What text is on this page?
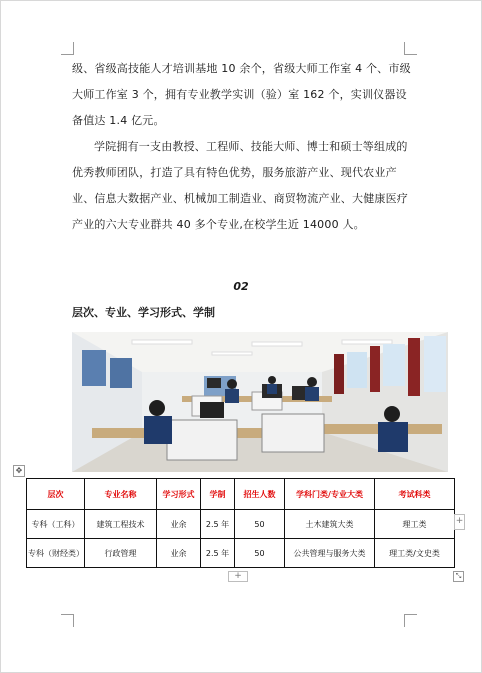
级、省级高技能人才培训基地 10 余个，省级大师工作室 4 个、市级大师工作室 3 个，拥有专业教学实训（验）室 162 个，实训仪器设备值达 1.4 亿元。

学院拥有一支由教授、工程师、技能大师、博士和硕士等组成的优秀教师团队，打造了具有特色优势，服务旅游产业、现代农业产业、信息大数据产业、机械加工制造业、商贸物流产业、大健康医疗产业的六大专业群共 40 多个专业,在校学生近 14000 人。

02
层次、专业、学习形式、学制
✥
层次	专业名称	学习形式	学制	招生人数	学科门类/专业大类	考试科类
专科（工科）	建筑工程技术	业余	2.5 年	50	土木建筑大类	理工类
专科（财经类）	行政管理	业余	2.5 年	50	公共管理与服务大类	理工类/文史类
+
+	⤡
